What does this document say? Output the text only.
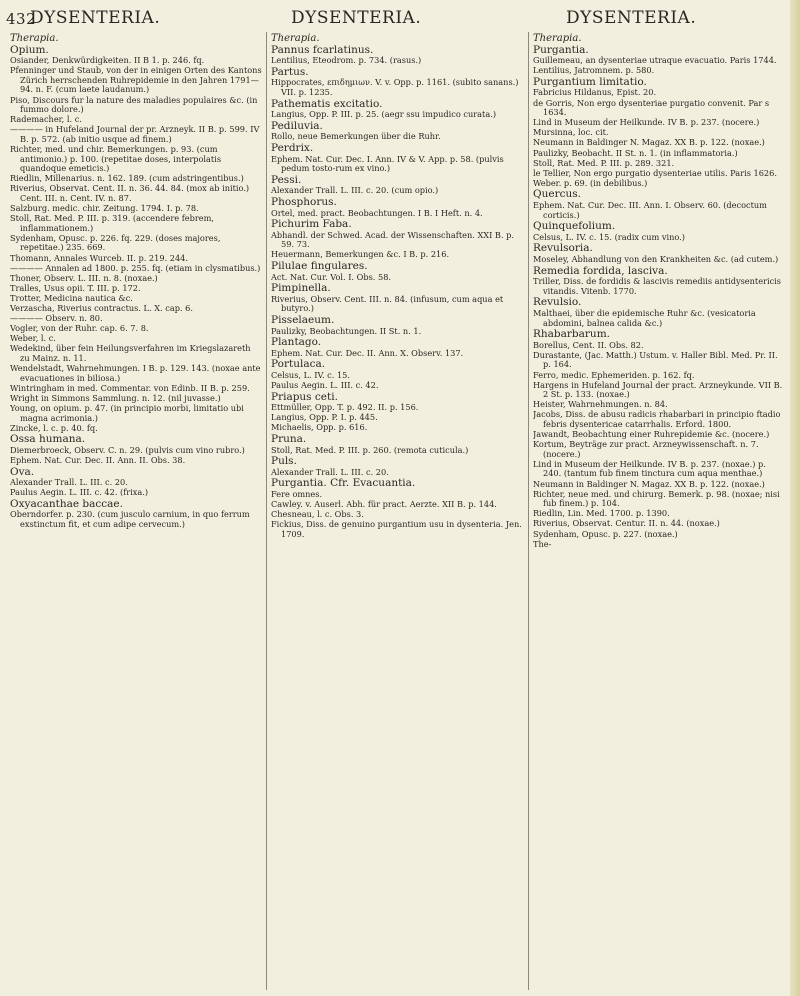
432
DYSENTERIA.	DYSENTERIA.	DYSENTERIA.

Therapia.

Opium.

Osiander, Denkwürdigkeiten. II B 1. p. 246. fq.

Pfenninger und Staub, von der in einigen Orten des Kantons Zürich herrschenden Ruhrepidemie in den Jahren 1791—94. n. F. (cum laete laudanum.)

Piso, Discours fur la nature des maladies populaires &c. (in fummo dolore.)

Rademacher, l. c.

———— in Hufeland Journal der pr. Arzneyk. II B. p. 599. IV B. p. 572. (ab initio usque ad finem.)

Richter, med. und chir. Bemerkungen. p. 93. (cum antimonio.) p. 100. (repetitae doses, interpolatis quandoque emeticis.)

Riedlin, Millenarius. n. 162. 189. (cum adstringentibus.)

Riverius, Observat. Cent. II. n. 36. 44. 84. (mox ab initio.) Cent. III. n. Cent. IV. n. 87.

Salzburg. medic. chir. Zeitung. 1794. I. p. 78.

Stoll, Rat. Med. P. III. p. 319. (accendere febrem, inflammationem.)

Sydenham, Opusc. p. 226. fq. 229. (doses majores, repetitae.) 235. 669.

Thomann, Annales Wurceb. II. p. 219. 244.

———— Annalen ad 1800. p. 255. fq. (etiam in clysmatibus.)

Thoner, Observ. L. III. n. 8. (noxae.)

Tralles, Usus opii. T. III. p. 172.

Trotter, Medicina nautica &c.

Verzascha, Riverius contractus. L. X. cap. 6.

———— Observ. n. 80.

Vogler, von der Ruhr. cap. 6. 7. 8.

Weber, l. c.

Wedekind, über fein Heilungsverfahren im Kriegslazareth zu Mainz. n. 11.

Wendelstadt, Wahrnehmungen. I B. p. 129. 143. (noxae ante evacuationes in biliosa.)

Wintringham in med. Commentar. von Edinb. II B. p. 259.

Wright in Simmons Sammlung. n. 12. (nil juvasse.)

Young, on opium. p. 47. (in principio morbi, limitatio ubi magna acrimonia.)

Zincke, l. c. p. 40. fq.

Ossa humana.

Diemerbroeck, Observ. C. n. 29. (pulvis cum vino rubro.)

Ephem. Nat. Cur. Dec. II. Ann. II. Obs. 38.

Ova.

Alexander Trall. L. III. c. 20.

Paulus Aegin. L. III. c. 42. (frixa.)

Oxyacanthae baccae.

Oberndorfer. p. 230. (cum jusculo carnium, in quo ferrum exstinctum fit, et cum adipe cervecum.)

Therapia.

Pannus fcarlatinus.

Lentilius, Eteodrom. p. 734. (rasus.)

Partus.

Hippocrates, επιδημιων. V. v. Opp. p. 1161. (subito sanans.) VII. p. 1235.

Pathematis excitatio.

Langius, Opp. P. III. p. 25. (aegr ssu impudico curata.)

Pediluvia.

Rollo, neue Bemerkungen über die Ruhr.

Perdrix.

Ephem. Nat. Cur. Dec. I. Ann. IV & V. App. p. 58. (pulvis pedum tosto-rum ex vino.)

Pessi.

Alexander Trall. L. III. c. 20. (cum opio.)

Phosphorus.

Ortel, med. pract. Beobachtungen. I B. I Heft. n. 4.

Pichurim Faba.

Abhandl. der Schwed. Acad. der Wissenschaften. XXI B. p. 59. 73.

Heuermann, Bemerkungen &c. I B. p. 216.

Pilulae fingulares.

Act. Nat. Cur. Vol. I. Obs. 58.

Pimpinella.

Riverius, Observ. Cent. III. n. 84. (infusum, cum aqua et butyro.)

Pisselaeum.

Paulizky, Beobachtungen. II St. n. 1.

Plantago.

Ephem. Nat. Cur. Dec. II. Ann. X. Observ. 137.

Portulaca.

Celsus, L. IV. c. 15.

Paulus Aegin. L. III. c. 42.

Priapus ceti.

Ettmüller, Opp. T. p. 492. II. p. 156.

Langius, Opp. P. I. p. 445.

Michaelis, Opp. p. 616.

Pruna.

Stoll, Rat. Med. P. III. p. 260. (remota cuticula.)

Puls.

Alexander Trall. L. III. c. 20.

Purgantia. Cfr. Evacuantia.

Fere omnes.

Cawley. v. Auserl. Abh. für pract. Aerzte. XII B. p. 144.

Chesneau, l. c. Obs. 3.

Fickius, Diss. de genuino purgantium usu in dysenteria. Jen. 1709.

Therapia.

Purgantia.

Guillemeau, an dysenteriae utraque evacuatio. Paris 1744.

Lentilius, Jatromnem. p. 580.

Purgantium limitatio.

Fabricius Hildanus, Epist. 20.

de Gorris, Non ergo dysenteriae purgatio convenit. Par s 1634.

Lind in Museum der Heilkunde. IV B. p. 237. (nocere.)

Mursinna, loc. cit.

Neumann in Baldinger N. Magaz. XX B. p. 122. (noxae.)

Paulizky, Beobacht. II St. n. 1. (in inflammatoria.)

Stoll, Rat. Med. P. III. p. 289. 321.

le Tellier, Non ergo purgatio dysenteriae utilis. Paris 1626.

Weber. p. 69. (in debilibus.)

Quercus.

Ephem. Nat. Cur. Dec. III. Ann. I. Observ. 60. (decoctum corticis.)

Quinquefolium.

Celsus, L. IV. c. 15. (radix cum vino.)

Revulsoria.

Moseley, Abhandlung von den Krankheiten &c. (ad cutem.)

Remedia fordida, lasciva.

Triller, Diss. de fordidis & lascivis remediis antidysentericis vitandis. Vitenb. 1770.

Revulsio.

Malthaei, über die epidemische Ruhr &c. (vesicatoria abdomini, balnea calida &c.)

Rhabarbarum.

Borellus, Cent. II. Obs. 82.

Durastante, (Jac. Matth.) Ustum. v. Haller Bibl. Med. Pr. II. p. 164.

Ferro, medic. Ephemeriden. p. 162. fq.

Hargens in Hufeland Journal der pract. Arzneykunde. VII B. 2 St. p. 133. (noxae.)

Heister, Wahrnehmungen. n. 84.

Jacobs, Diss. de abusu radicis rhabarbari in principio ftadio febris dysentericae catarrhalis. Erford. 1800.

Jawandt, Beobachtung einer Ruhrepidemie &c. (nocere.)

Kortum, Beyträge zur pract. Arzneywissenschaft. n. 7. (nocere.)

Lind in Museum der Heilkunde. IV B. p. 237. (noxae.) p. 240. (tantum fub finem tinctura cum aqua menthae.)

Neumann in Baldinger N. Magaz. XX B. p. 122. (noxae.)

Richter, neue med. und chirurg. Bemerk. p. 98. (noxae; nisi fub finem.) p. 104.

Riedlin, Lin. Med. 1700. p. 1390.

Riverius, Observat. Centur. II. n. 44. (noxae.)

Sydenham, Opusc. p. 227. (noxae.)

The-
